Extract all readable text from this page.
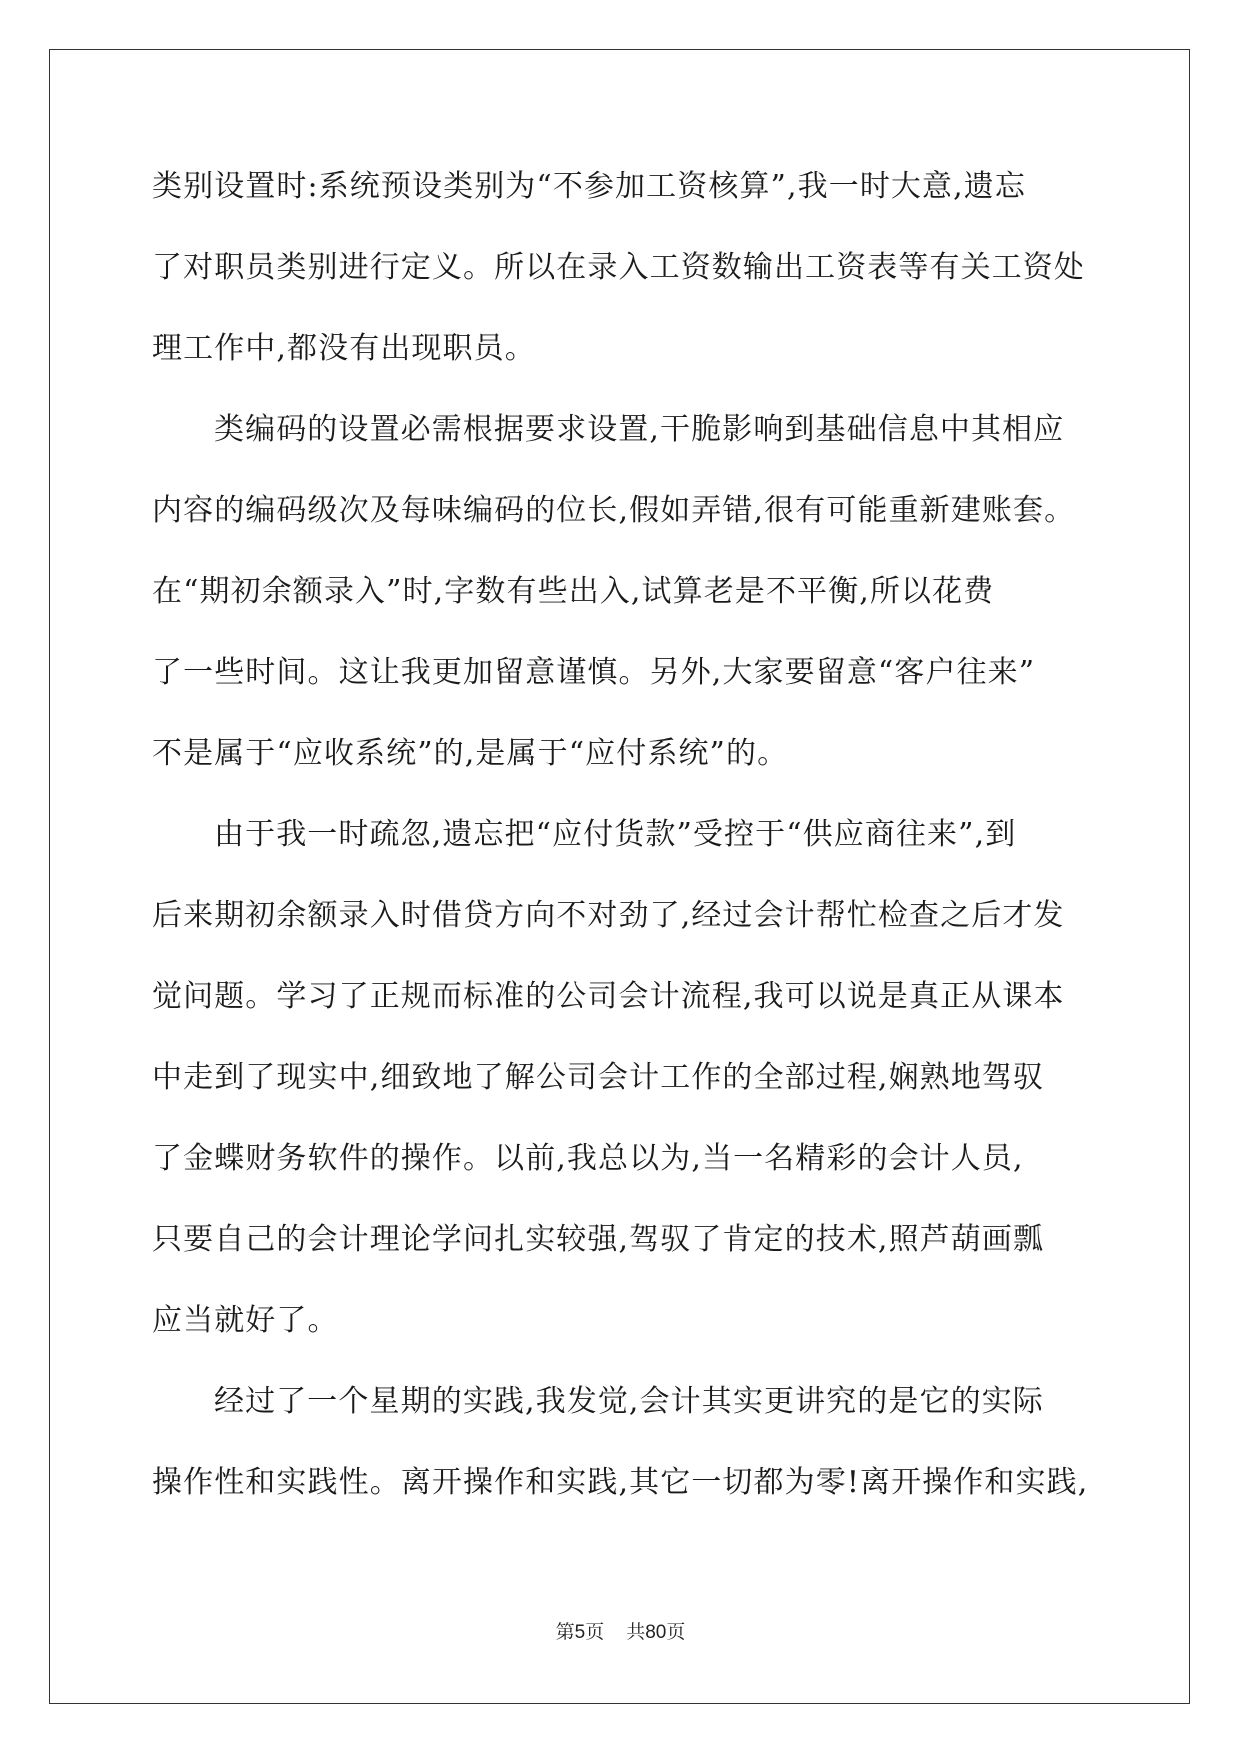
类别设置时:系统预设类别为“不参加工资核算”,我一时大意,遗忘
了对职员类别进行定义。所以在录入工资数输出工资表等有关工资处
理工作中,都没有出现职员。
类编码的设置必需根据要求设置,干脆影响到基础信息中其相应
内容的编码级次及每味编码的位长,假如弄错,很有可能重新建账套。
在“期初余额录入”时,字数有些出入,试算老是不平衡,所以花费
了一些时间。这让我更加留意谨慎。另外,大家要留意“客户往来”
不是属于“应收系统”的,是属于“应付系统”的。
由于我一时疏忽,遗忘把“应付货款”受控于“供应商往来”,到
后来期初余额录入时借贷方向不对劲了,经过会计帮忙检查之后才发
觉问题。学习了正规而标准的公司会计流程,我可以说是真正从课本
中走到了现实中,细致地了解公司会计工作的全部过程,娴熟地驾驭
了金蝶财务软件的操作。以前,我总以为,当一名精彩的会计人员,
只要自己的会计理论学问扎实较强,驾驭了肯定的技术,照芦葫画瓢
应当就好了。
经过了一个星期的实践,我发觉,会计其实更讲究的是它的实际
操作性和实践性。离开操作和实践,其它一切都为零!离开操作和实践,
第5页 共80页
